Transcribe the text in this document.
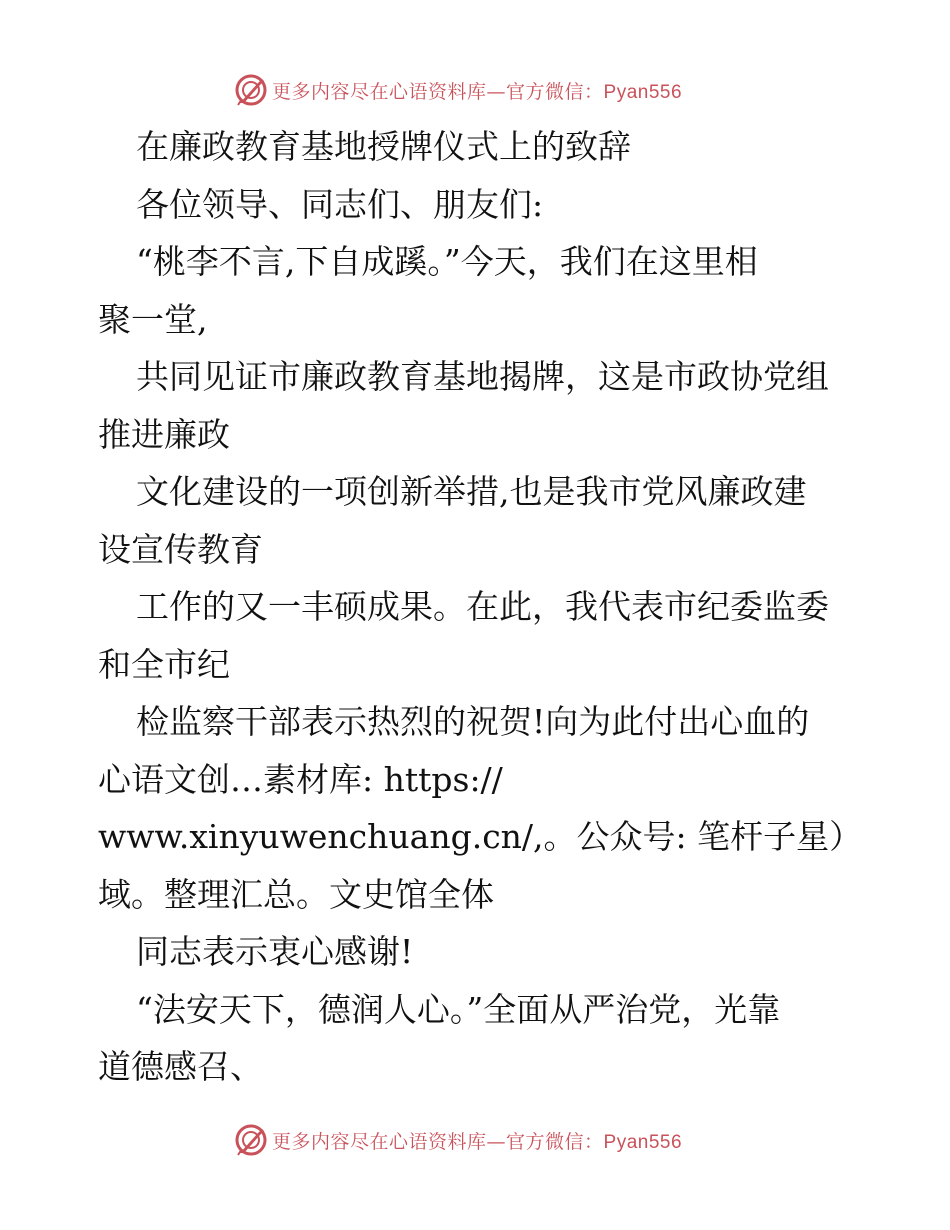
更多内容尽在心语资料库—官方微信：Pyan556
在廉政教育基地授牌仪式上的致辞
各位领导、同志们、朋友们:
“桃李不言,下自成蹊。”今天，我们在这里相
聚一堂,
共同见证市廉政教育基地揭牌，这是市政协党组
推进廉政
文化建设的一项创新举措,也是我市党风廉政建
设宣传教育
工作的又一丰硕成果。在此，我代表市纪委监委
和全市纪
检监察干部表示热烈的祝贺!向为此付出心血的
心语文创…素材库: https://
www.xinyuwenchuang.cn/,。公众号: 笔杆子星）
域。整理汇总。文史馆全体
同志表示衷心感谢!
“法安天下，德润人心。”全面从严治党，光靠
道德感召、
更多内容尽在心语资料库—官方微信：Pyan556
